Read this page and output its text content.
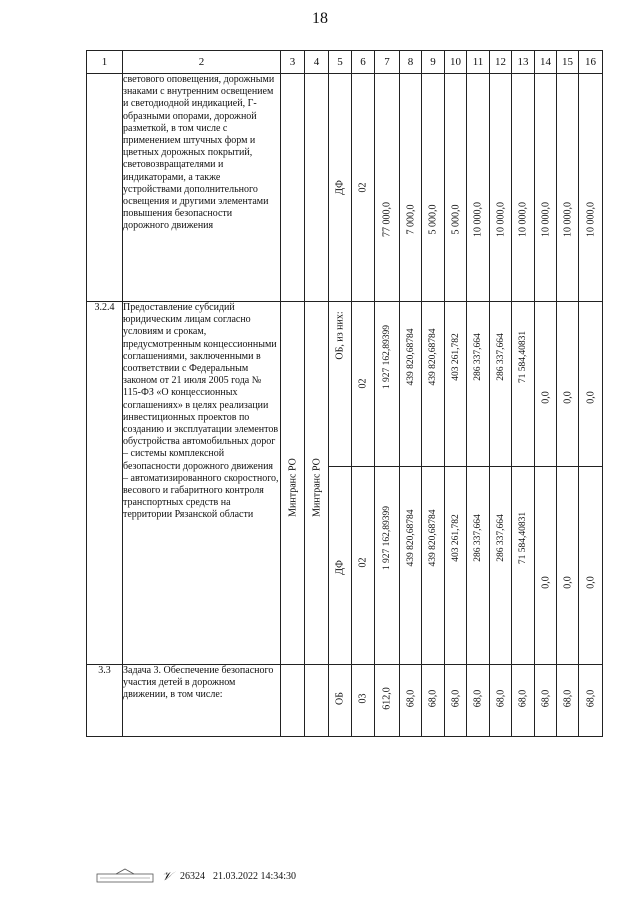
18
1	2	3	4	5	6	7	8	9	10	11	12	13	14	15	16
	светового оповещения, дорожными знаками с внутренним освещением и светодиодной индикацией, Г-образными опорами, дорожной разметкой, в том числе с применением штучных форм и цветных дорожных покрытий, световозвращателями и индикаторами, а также устройствами дополнительного освещения и другими элементами повышения безопасности дорожного движения			ДФ	02	77 000,0	7 000,0	5 000,0	5 000,0	10 000,0	10 000,0	10 000,0	10 000,0	10 000,0	10 000,0

3.2.4	Предоставление субсидий юридическим лицам согласно условиям и срокам, предусмотренным концессионными соглашениями, заключенными в соответствии с Федеральным законом от 21 июля 2005 года № 115-ФЗ «О концессионных соглашениях» в целях реализации инвестиционных проектов по созданию и эксплуатации элементов обустройства автомобильных дорог – системы комплексной безопасности дорожного движения – автоматизированного скоростного, весового и габаритного контроля транспортных средств на территории Рязанской области	Минтранс РО	Минтранс РО	ОБ, из них:	02	1 927 162,89399	439 820,68784	439 820,68784	403 261,782	286 337,664	286 337,664	71 584,40831	0,0	0,0	0,0

				ДФ	02	1 927 162,89399	439 820,68784	439 820,68784	403 261,782	286 337,664	286 337,664	71 584,40831	0,0	0,0	0,0

3.3	Задача 3. Обеспечение безопасного участия детей в дорожном движении, в том числе:			ОБ	03	612,0	68,0	68,0	68,0	68,0	68,0	68,0	68,0	68,0	68,0
𝒱 26324 21.03.2022 14:34:30
